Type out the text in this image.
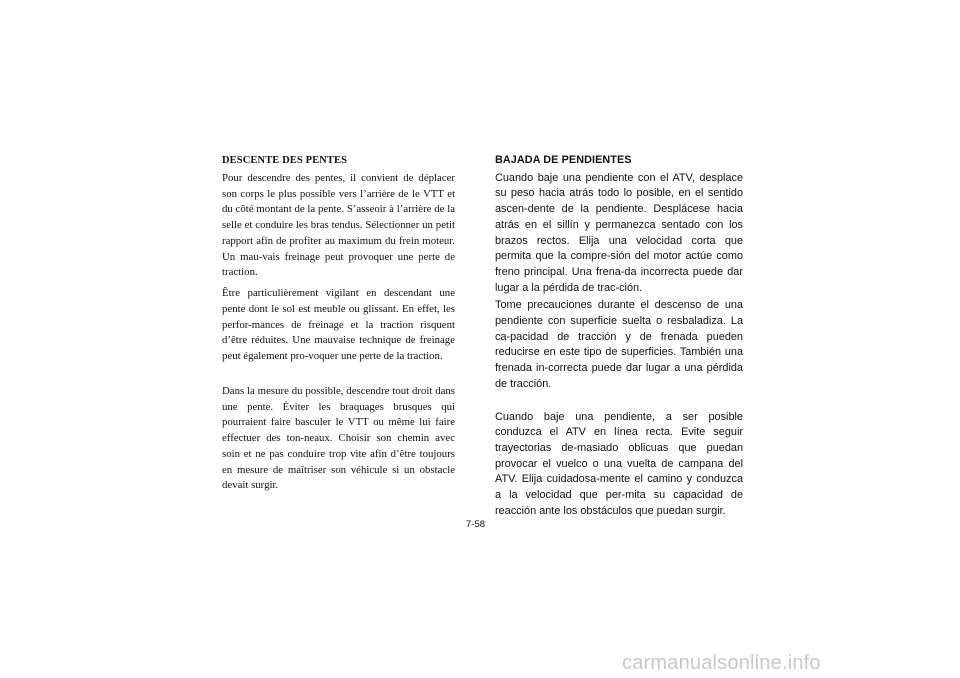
DESCENTE DES PENTES

Pour descendre des pentes, il convient de déplacer son corps le plus possible vers l’arrière de le VTT et du côté montant de la pente. S’asseoir à l’arrière de la selle et conduire les bras tendus. Sélectionner un petit rapport afin de profiter au maximum du frein moteur. Un mau-vais freinage peut provoquer une perte de traction.

Être particulièrement vigilant en descendant une pente dont le sol est meuble ou glissant. En effet, les perfor-mances de freinage et la traction risquent d’être réduites. Une mauvaise technique de freinage peut également pro-voquer une perte de la traction.

Dans la mesure du possible, descendre tout droit dans une pente. Éviter les braquages brusques qui pourraient faire basculer le VTT ou même lui faire effectuer des ton-neaux. Choisir son chemin avec soin et ne pas conduire trop vite afin d’être toujours en mesure de maîtriser son véhicule si un obstacle devait surgir.

BAJADA DE PENDIENTES

Cuando baje una pendiente con el ATV, desplace su peso hacia atrás todo lo posible, en el sentido ascen-dente de la pendiente. Desplácese hacia atrás en el sillín y permanezca sentado con los brazos rectos. Elija una velocidad corta que permita que la compre-sión del motor actúe como freno principal. Una frena-da incorrecta puede dar lugar a la pérdida de trac-ción.

Tome precauciones durante el descenso de una pendiente con superficie suelta o resbaladiza. La ca-pacidad de tracción y de frenada pueden reducirse en este tipo de superficies. También una frenada in-correcta puede dar lugar a una pérdida de tracción.

Cuando baje una pendiente, a ser posible conduzca el ATV en línea recta. Evite seguir trayectorias de-masiado oblicuas que puedan provocar el vuelco o una vuelta de campana del ATV. Elija cuidadosa-mente el camino y conduzca a la velocidad que per-mita su capacidad de reacción ante los obstáculos que puedan surgir.

7-58
carmanualsonline.info
